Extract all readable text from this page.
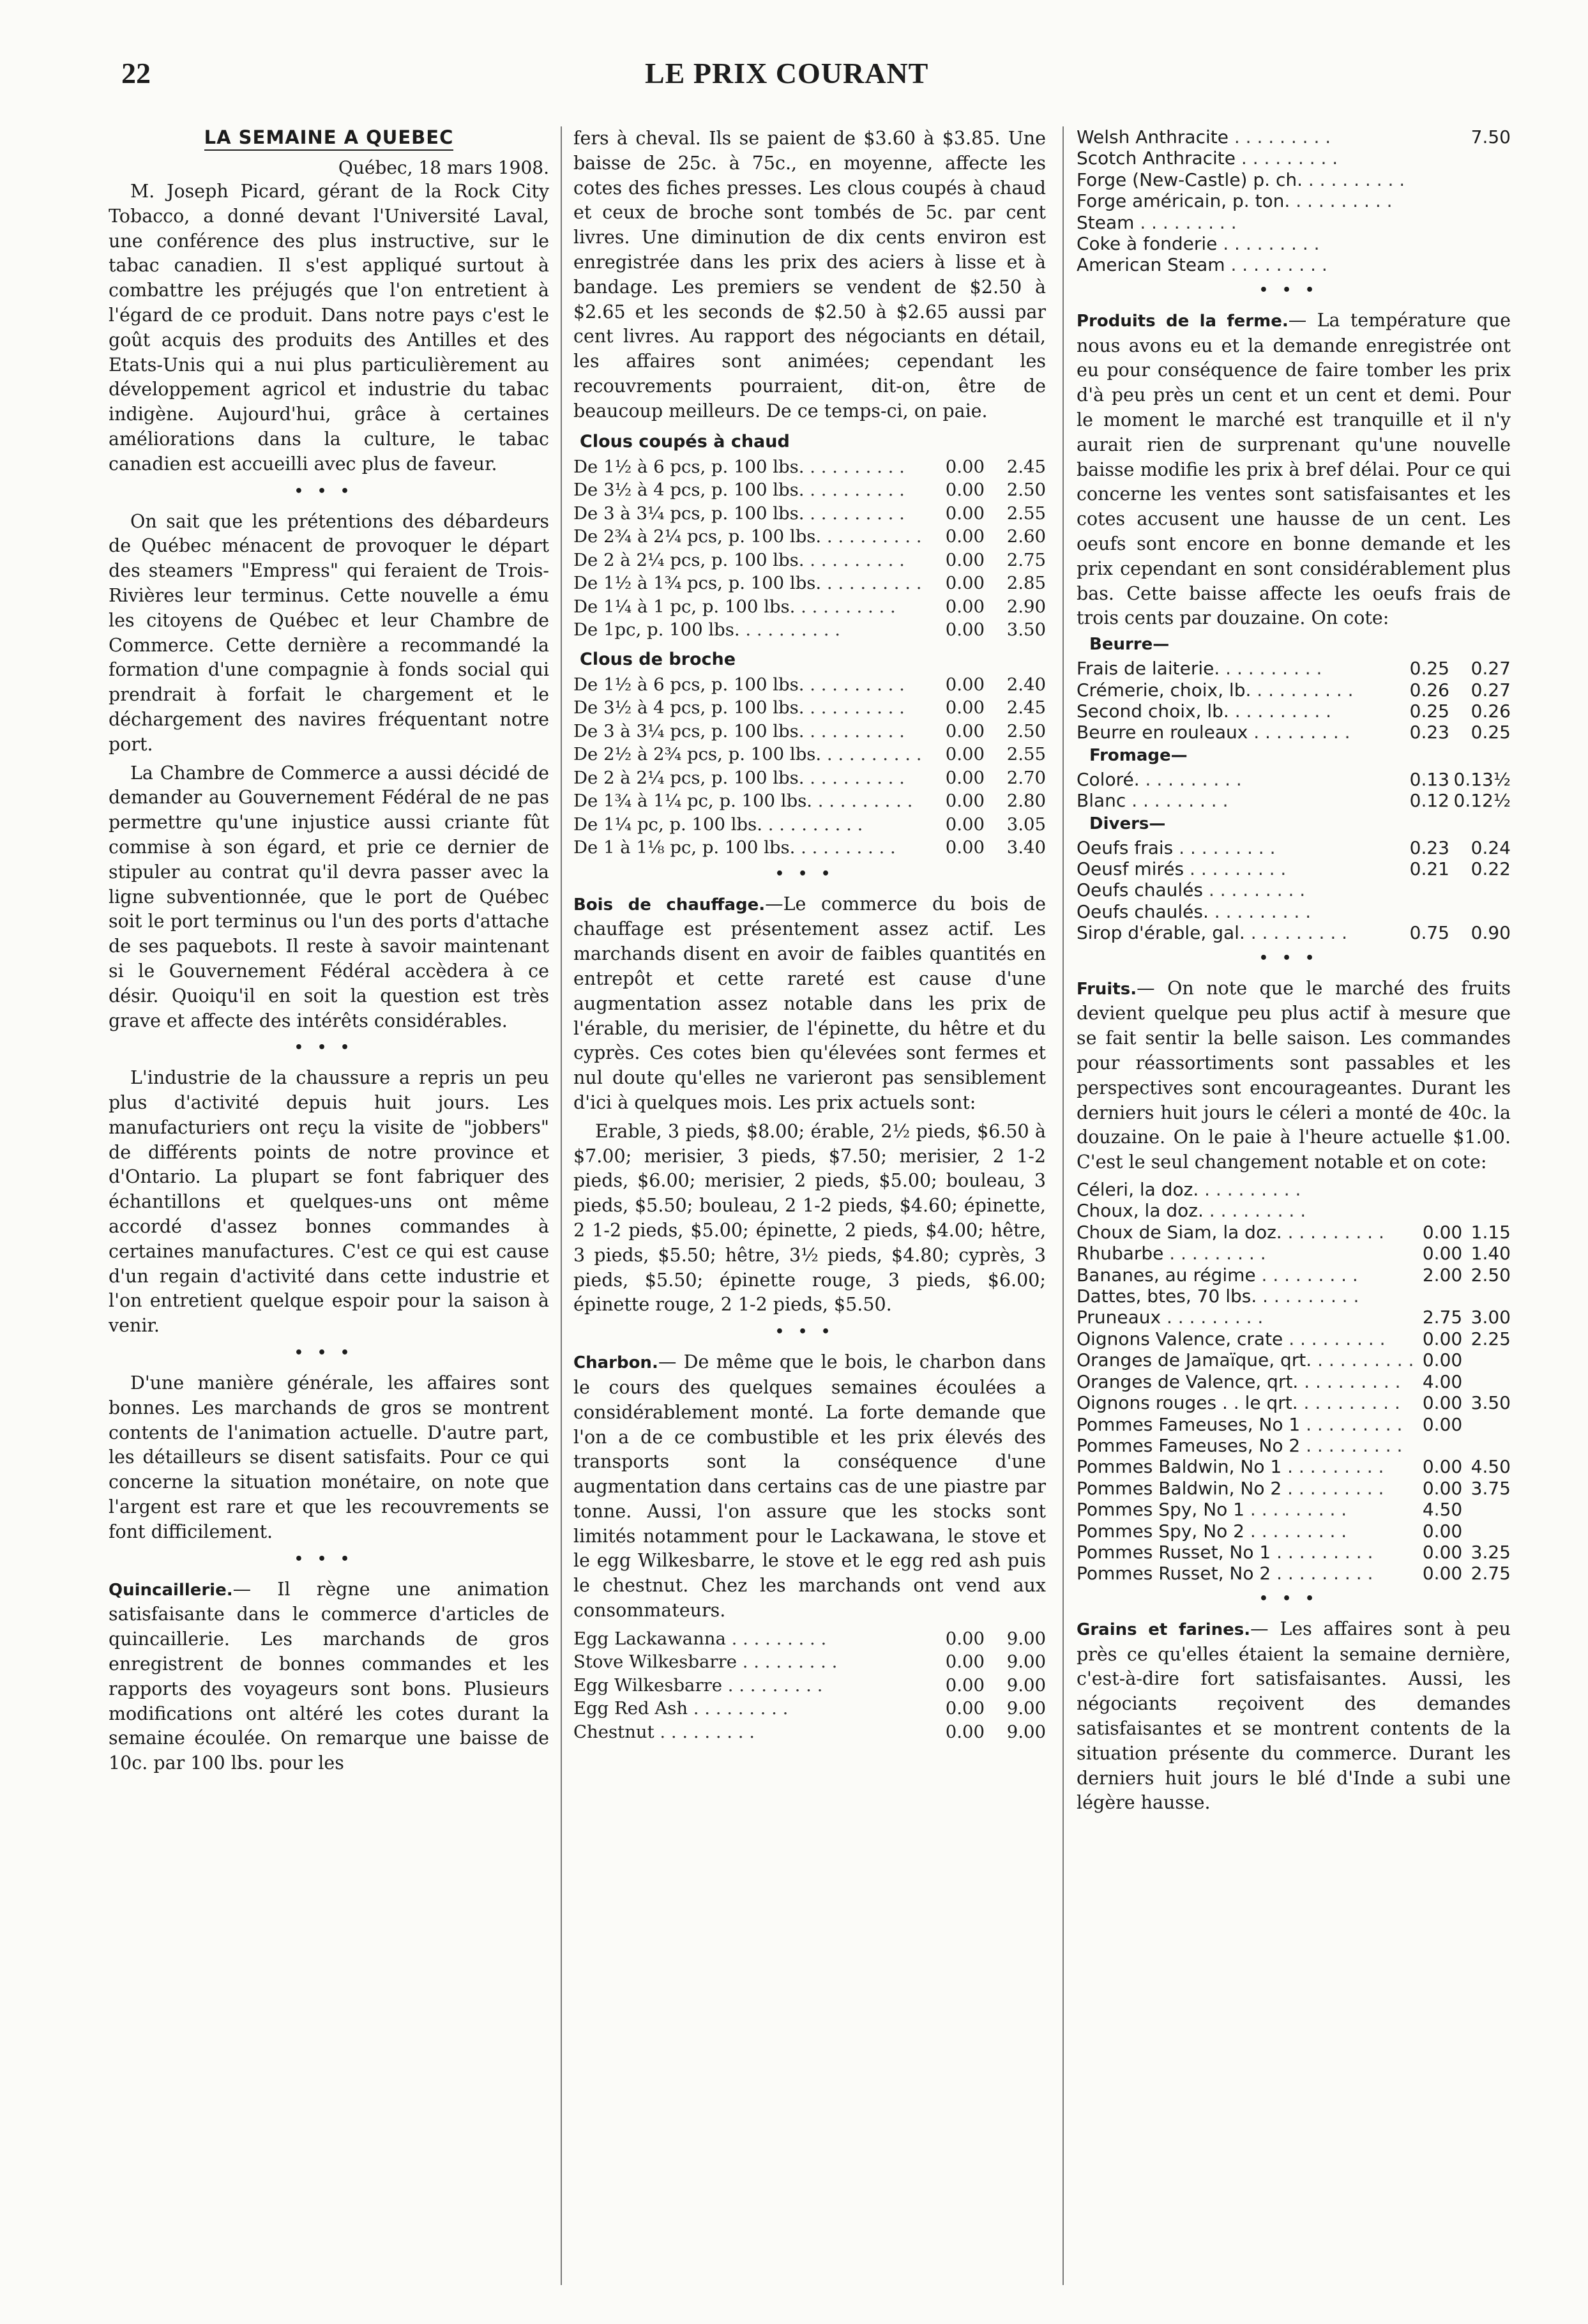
22	LE PRIX COURANT
LA SEMAINE A QUEBEC
Québec, 18 mars 1908.

M. Joseph Picard, gérant de la Rock City Tobacco, a donné devant l'Université Laval, une conférence des plus instructive, sur le tabac canadien. Il s'est appliqué surtout à combattre les préjugés que l'on entretient à l'égard de ce produit. Dans notre pays c'est le goût acquis des produits des Antilles et des Etats-Unis qui a nui plus particulièrement au développement agricol et industrie du tabac indigène. Aujourd'hui, grâce à certaines améliorations dans la culture, le tabac canadien est accueilli avec plus de faveur.

•••

On sait que les prétentions des débardeurs de Québec ménacent de provoquer le départ des steamers "Empress" qui feraient de Trois-Rivières leur terminus. Cette nouvelle a ému les citoyens de Québec et leur Chambre de Commerce. Cette dernière a recommandé la formation d'une compagnie à fonds social qui prendrait à forfait le chargement et le déchargement des navires fréquentant notre port.

La Chambre de Commerce a aussi décidé de demander au Gouvernement Fédéral de ne pas permettre qu'une injustice aussi criante fût commise à son égard, et prie ce dernier de stipuler au contrat qu'il devra passer avec la ligne subventionnée, que le port de Québec soit le port terminus ou l'un des ports d'attache de ses paquebots. Il reste à savoir maintenant si le Gouvernement Fédéral accèdera à ce désir. Quoiqu'il en soit la question est très grave et affecte des intérêts considérables.

•••

L'industrie de la chaussure a repris un peu plus d'activité depuis huit jours. Les manufacturiers ont reçu la visite de "jobbers" de différents points de notre province et d'Ontario. La plupart se font fabriquer des échantillons et quelques-uns ont même accordé d'assez bonnes commandes à certaines manufactures. C'est ce qui est cause d'un regain d'activité dans cette industrie et l'on entretient quelque espoir pour la saison à venir.

•••

D'une manière générale, les affaires sont bonnes. Les marchands de gros se montrent contents de l'animation actuelle. D'autre part, les détailleurs se disent satisfaits. Pour ce qui concerne la situation monétaire, on note que l'argent est rare et que les recouvrements se font difficilement.

•••

Quincaillerie.— Il règne une animation satisfaisante dans le commerce d'articles de quincaillerie. Les marchands de gros enregistrent de bonnes commandes et les rapports des voyageurs sont bons. Plusieurs modifications ont altéré les cotes durant la semaine écoulée. On remarque une baisse de 10c. par 100 lbs. pour les

fers à cheval. Ils se paient de $3.60 à $3.85. Une baisse de 25c. à 75c., en moyenne, affecte les cotes des fiches presses. Les clous coupés à chaud et ceux de broche sont tombés de 5c. par cent livres. Une diminution de dix cents environ est enregistrée dans les prix des aciers à lisse et à bandage. Les premiers se vendent de $2.50 à $2.65 et les seconds de $2.50 à $2.65 aussi par cent livres. Au rapport des négociants en détail, les affaires sont animées; cependant les recouvrements pourraient, dit-on, être de beaucoup meilleurs. De ce temps-ci, on paie.

Clous coupés à chaud
De 1½ à 6 pcs, p. 100 lbs. . . . . . . . . .	0.00	2.45
De 3½ à 4 pcs, p. 100 lbs. . . . . . . . . .	0.00	2.50
De 3 à 3¼ pcs, p. 100 lbs. . . . . . . . . .	0.00	2.55
De 2¾ à 2¼ pcs, p. 100 lbs. . . . . . . . . .	0.00	2.60
De 2 à 2¼ pcs, p. 100 lbs. . . . . . . . . .	0.00	2.75
De 1½ à 1¾ pcs, p. 100 lbs. . . . . . . . . .	0.00	2.85
De 1¼ à 1 pc, p. 100 lbs. . . . . . . . . .	0.00	2.90
De 1pc, p. 100 lbs. . . . . . . . . .	0.00	3.50
Clous de broche
De 1½ à 6 pcs, p. 100 lbs. . . . . . . . . .	0.00	2.40
De 3½ à 4 pcs, p. 100 lbs. . . . . . . . . .	0.00	2.45
De 3 à 3¼ pcs, p. 100 lbs. . . . . . . . . .	0.00	2.50
De 2½ à 2¾ pcs, p. 100 lbs. . . . . . . . . .	0.00	2.55
De 2 à 2¼ pcs, p. 100 lbs. . . . . . . . . .	0.00	2.70
De 1¾ à 1¼ pc, p. 100 lbs. . . . . . . . . .	0.00	2.80
De 1¼ pc, p. 100 lbs. . . . . . . . . .	0.00	3.05
De 1 à 1⅛ pc, p. 100 lbs. . . . . . . . . .	0.00	3.40
•••

Bois de chauffage.—Le commerce du bois de chauffage est présentement assez actif. Les marchands disent en avoir de faibles quantités en entrepôt et cette rareté est cause d'une augmentation assez notable dans les prix de l'érable, du merisier, de l'épinette, du hêtre et du cyprès. Ces cotes bien qu'élevées sont fermes et nul doute qu'elles ne varieront pas sensiblement d'ici à quelques mois. Les prix actuels sont:

Erable, 3 pieds, $8.00; érable, 2½ pieds, $6.50 à $7.00; merisier, 3 pieds, $7.50; merisier, 2 1-2 pieds, $6.00; merisier, 2 pieds, $5.00; bouleau, 3 pieds, $5.50; bouleau, 2 1-2 pieds, $4.60; épinette, 2 1-2 pieds, $5.00; épinette, 2 pieds, $4.00; hêtre, 3 pieds, $5.50; hêtre, 3½ pieds, $4.80; cyprès, 3 pieds, $5.50; épinette rouge, 3 pieds, $6.00; épinette rouge, 2 1-2 pieds, $5.50.

•••

Charbon.— De même que le bois, le charbon dans le cours des quelques semaines écoulées a considérablement monté. La forte demande que l'on a de ce combustible et les prix élevés des transports sont la conséquence d'une augmentation dans certains cas de une piastre par tonne. Aussi, l'on assure que les stocks sont limités notamment pour le Lackawana, le stove et le egg Wilkesbarre, le stove et le egg red ash puis le chestnut. Chez les marchands ont vend aux consommateurs.

Egg Lackawanna . . . . . . . . .	0.00	9.00
Stove Wilkesbarre . . . . . . . . .	0.00	9.00
Egg Wilkesbarre . . . . . . . . .	0.00	9.00
Egg Red Ash . . . . . . . . .	0.00	9.00
Chestnut . . . . . . . . .	0.00	9.00
Welsh Anthracite . . . . . . . . .		7.50
Scotch Anthracite . . . . . . . . .		
Forge (New-Castle) p. ch. . . . . . . . . .		
Forge américain, p. ton. . . . . . . . . .		
Steam . . . . . . . . .		
Coke à fonderie . . . . . . . . .		
American Steam . . . . . . . . .		
•••

Produits de la ferme.— La température que nous avons eu et la demande enregistrée ont eu pour conséquence de faire tomber les prix d'à peu près un cent et un cent et demi. Pour le moment le marché est tranquille et il n'y aurait rien de surprenant qu'une nouvelle baisse modifie les prix à bref délai. Pour ce qui concerne les ventes sont satisfaisantes et les cotes accusent une hausse de un cent. Les oeufs sont encore en bonne demande et les prix cependant en sont considérablement plus bas. Cette baisse affecte les oeufs frais de trois cents par douzaine. On cote:

Beurre—
Frais de laiterie. . . . . . . . . .	0.25	0.27
Crémerie, choix, lb. . . . . . . . . .	0.26	0.27
Second choix, lb. . . . . . . . . .	0.25	0.26
Beurre en rouleaux . . . . . . . . .	0.23	0.25
Fromage—
Coloré. . . . . . . . . .	0.13	0.13½
Blanc . . . . . . . . .	0.12	0.12½
Divers—
Oeufs frais . . . . . . . . .	0.23	0.24
Oeusf mirés . . . . . . . . .	0.21	0.22
Oeufs chaulés . . . . . . . . .		
Oeufs chaulés. . . . . . . . . .		
Sirop d'érable, gal. . . . . . . . . .	0.75	0.90
•••

Fruits.— On note que le marché des fruits devient quelque peu plus actif à mesure que se fait sentir la belle saison. Les commandes pour réassortiments sont passables et les perspectives sont encourageantes. Durant les derniers huit jours le céleri a monté de 40c. la douzaine. On le paie à l'heure actuelle $1.00. C'est le seul changement notable et on cote:

Céleri, la doz. . . . . . . . . .		
Choux, la doz. . . . . . . . . .		
Choux de Siam, la doz. . . . . . . . . .	0.00	1.15
Rhubarbe . . . . . . . . .	0.00	1.40
Bananes, au régime . . . . . . . . .	2.00	2.50
Dattes, btes, 70 lbs. . . . . . . . . .		
Pruneaux . . . . . . . . .	2.75	3.00
Oignons Valence, crate . . . . . . . . .	0.00	2.25
Oranges de Jamaïque, qrt. . . . . . . . . .	0.00	
Oranges de Valence, qrt. . . . . . . . . .	4.00	
Oignons rouges . . le qrt. . . . . . . . . .	0.00	3.50
Pommes Fameuses, No 1 . . . . . . . . .	0.00	
Pommes Fameuses, No 2 . . . . . . . . .		
Pommes Baldwin, No 1 . . . . . . . . .	0.00	4.50
Pommes Baldwin, No 2 . . . . . . . . .	0.00	3.75
Pommes Spy, No 1 . . . . . . . . .	4.50	
Pommes Spy, No 2 . . . . . . . . .	0.00	
Pommes Russet, No 1 . . . . . . . . .	0.00	3.25
Pommes Russet, No 2 . . . . . . . . .	0.00	2.75
•••

Grains et farines.— Les affaires sont à peu près ce qu'elles étaient la semaine dernière, c'est-à-dire fort satisfaisantes. Aussi, les négociants reçoivent des demandes satisfaisantes et se montrent contents de la situation présente du commerce. Durant les derniers huit jours le blé d'Inde a subi une légère hausse.
